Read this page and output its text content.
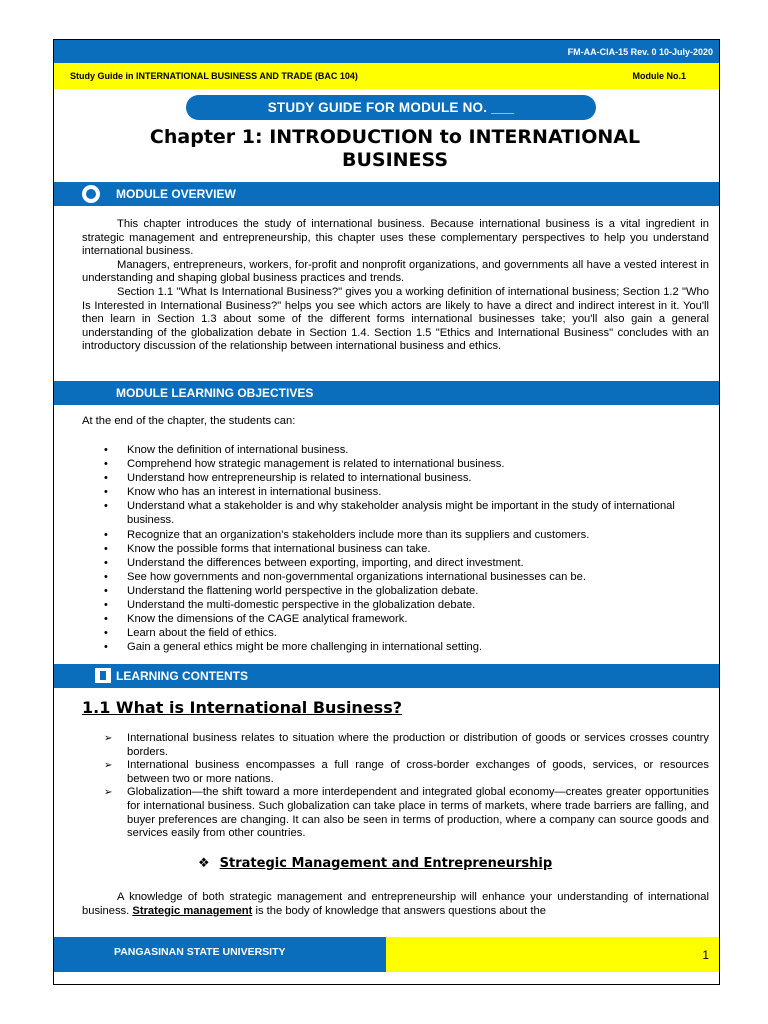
FM-AA-CIA-15 Rev. 0 10-July-2020
Study Guide in INTERNATIONAL BUSINESS AND TRADE (BAC 104)	Module No.1
STUDY GUIDE FOR MODULE NO. ___
Chapter 1: INTRODUCTION to INTERNATIONAL
BUSINESS
MODULE OVERVIEW

This chapter introduces the study of international business. Because international business is a vital ingredient in strategic management and entrepreneurship, this chapter uses these complementary perspectives to help you understand international business.

Managers, entrepreneurs, workers, for-profit and nonprofit organizations, and governments all have a vested interest in understanding and shaping global business practices and trends.

Section 1.1 "What Is International Business?" gives you a working definition of international business; Section 1.2 "Who Is Interested in International Business?" helps you see which actors are likely to have a direct and indirect interest in it. You'll then learn in Section 1.3 about some of the different forms international businesses take; you'll also gain a general understanding of the globalization debate in Section 1.4. Section 1.5 "Ethics and International Business" concludes with an introductory discussion of the relationship between international business and ethics.

MODULE LEARNING OBJECTIVES
At the end of the chapter, the students can:
• Know the definition of international business.
• Comprehend how strategic management is related to international business.
• Understand how entrepreneurship is related to international business.
• Know who has an interest in international business.
• Understand what a stakeholder is and why stakeholder analysis might be important in the study of international business.
• Recognize that an organization's stakeholders include more than its suppliers and customers.
• Know the possible forms that international business can take.
• Understand the differences between exporting, importing, and direct investment.
• See how governments and non-governmental organizations international businesses can be.
• Understand the flattening world perspective in the globalization debate.
• Understand the multi-domestic perspective in the globalization debate.
• Know the dimensions of the CAGE analytical framework.
• Learn about the field of ethics.
• Gain a general ethics might be more challenging in international setting.
LEARNING CONTENTS
1.1 What is International Business?
➢ International business relates to situation where the production or distribution of goods or services crosses country borders.
➢ International business encompasses a full range of cross-border exchanges of goods, services, or resources between two or more nations.
➢ Globalization—the shift toward a more interdependent and integrated global economy—creates greater opportunities for international business. Such globalization can take place in terms of markets, where trade barriers are falling, and buyer preferences are changing. It can also be seen in terms of production, where a company can source goods and services easily from other countries.
❖ Strategic Management and Entrepreneurship

A knowledge of both strategic management and entrepreneurship will enhance your understanding of international business. Strategic management is the body of knowledge that answers questions about the

PANGASINAN STATE UNIVERSITY	1
